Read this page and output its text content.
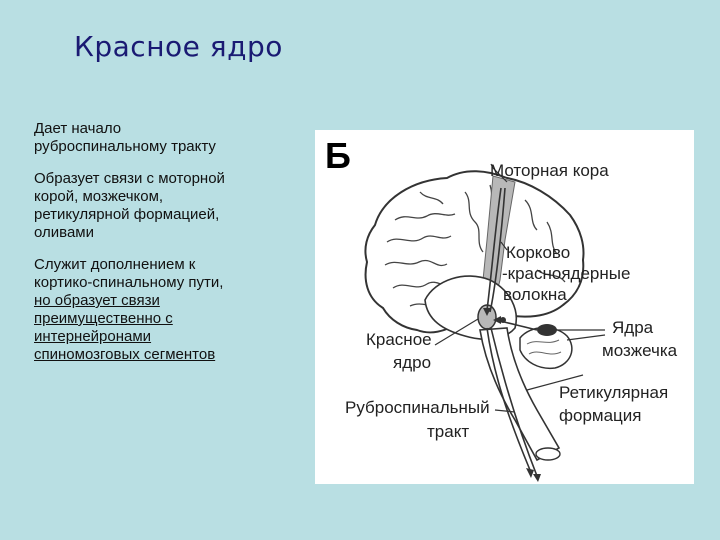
Красное ядро
Дает начало
руброспинальному тракту
Образует связи с моторной
корой, мозжечком,
ретикулярной формацией,
оливами
Служит дополнением к
кортико-спинальному пути,
но образует связи
преимущественно с
интернейронами
спиномозговых сегментов
Б	Моторная кора
Корково
-красноядерные
волокна
Красное
ядро
Ядра
мозжечка
Ретикулярная
формация
Руброспинальный
тракт
